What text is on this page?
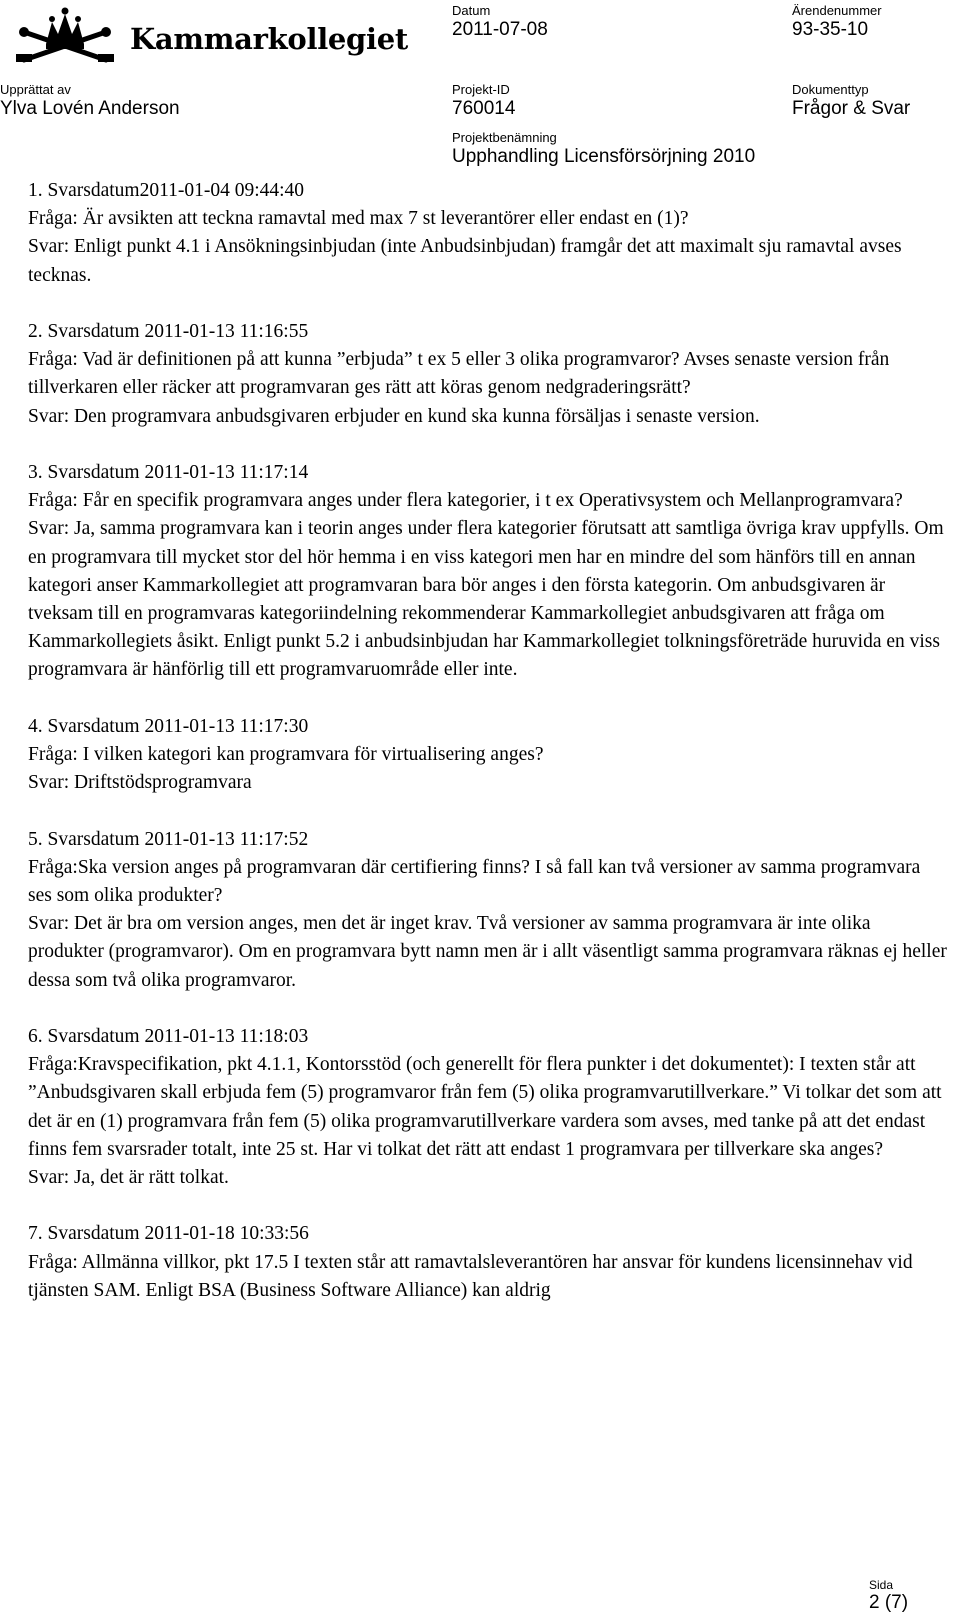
Kammarkollegiet
Datum
2011-07-08
Ärendenummer
93-35-10
Upprättat av
Ylva Lovén Anderson
Projekt-ID
760014
Dokumenttyp
Frågor & Svar
Projektbenämning
Upphandling Licensförsörjning 2010

1. Svarsdatum2011-01-04 09:44:40

Fråga: Är avsikten att teckna ramavtal med max 7 st leverantörer eller endast en (1)?

Svar: Enligt punkt 4.1 i Ansökningsinbjudan (inte Anbudsinbjudan) framgår det att maximalt sju ramavtal avses tecknas.

2. Svarsdatum 2011-01-13 11:16:55

Fråga: Vad är definitionen på att kunna ”erbjuda” t ex 5 eller 3 olika programvaror? Avses senaste version från tillverkaren eller räcker att programvaran ges rätt att köras genom nedgraderingsrätt?

Svar: Den programvara anbudsgivaren erbjuder en kund ska kunna försäljas i senaste version.

3. Svarsdatum 2011-01-13 11:17:14

Fråga: Får en specifik programvara anges under flera kategorier, i t ex Operativsystem och Mellanprogramvara?

Svar: Ja, samma programvara kan i teorin anges under flera kategorier förutsatt att samtliga övriga krav uppfylls. Om en programvara till mycket stor del hör hemma i en viss kategori men har en mindre del som hänförs till en annan kategori anser Kammarkollegiet att programvaran bara bör anges i den första kategorin. Om anbudsgivaren är tveksam till en programvaras kategoriindelning rekommenderar Kammarkollegiet anbudsgivaren att fråga om Kammarkollegiets åsikt. Enligt punkt 5.2 i anbudsinbjudan har Kammarkollegiet tolkningsföreträde huruvida en viss programvara är hänförlig till ett programvaruområde eller inte.

4. Svarsdatum 2011-01-13 11:17:30

Fråga: I vilken kategori kan programvara för virtualisering anges?

Svar: Driftstödsprogramvara

5. Svarsdatum 2011-01-13 11:17:52

Fråga:Ska version anges på programvaran där certifiering finns? I så fall kan två versioner av samma programvara ses som olika produkter?

Svar: Det är bra om version anges, men det är inget krav. Två versioner av samma programvara är inte olika produkter (programvaror). Om en programvara bytt namn men är i allt väsentligt samma programvara räknas ej heller dessa som två olika programvaror.

6. Svarsdatum 2011-01-13 11:18:03

Fråga:Kravspecifikation, pkt 4.1.1, Kontorsstöd (och generellt för flera punkter i det dokumentet): I texten står att ”Anbudsgivaren skall erbjuda fem (5) programvaror från fem (5) olika programvarutillverkare.” Vi tolkar det som att det är en (1) programvara från fem (5) olika programvarutillverkare vardera som avses, med tanke på att det endast finns fem svarsrader totalt, inte 25 st. Har vi tolkat det rätt att endast 1 programvara per tillverkare ska anges?

Svar: Ja, det är rätt tolkat.

7. Svarsdatum 2011-01-18 10:33:56

Fråga: Allmänna villkor, pkt 17.5 I texten står att ramavtalsleverantören har ansvar för kundens licensinnehav vid tjänsten SAM. Enligt BSA (Business Software Alliance) kan aldrig

Sida
2 (7)
